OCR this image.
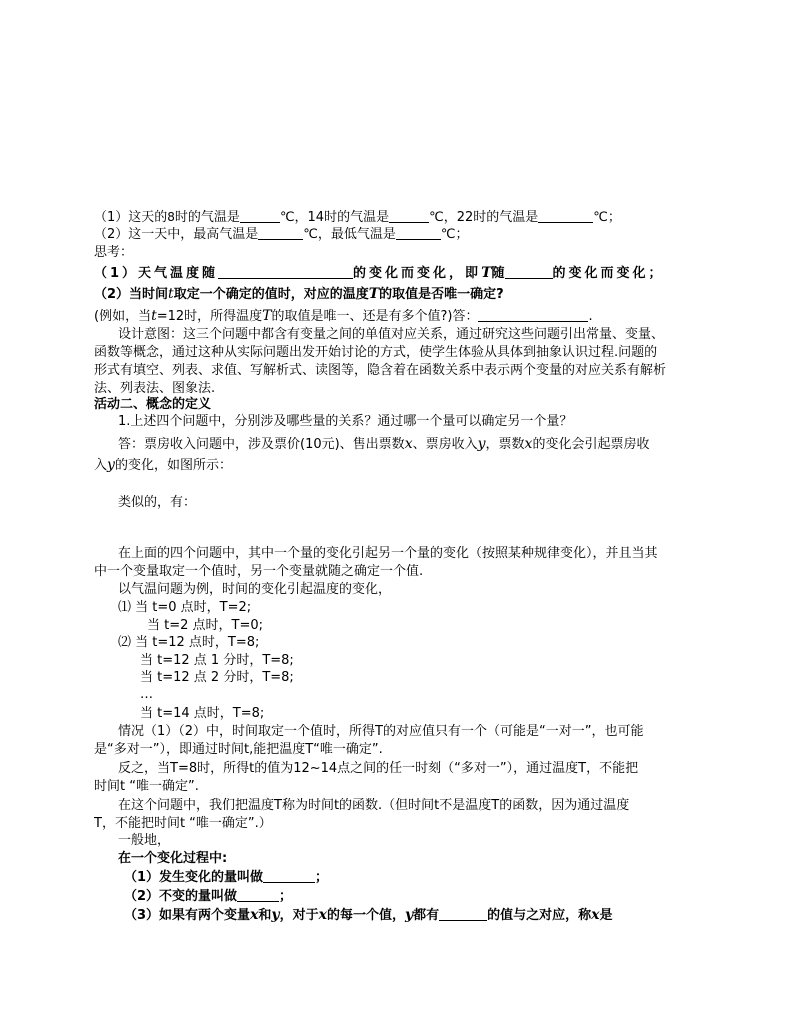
（1）这天的8时的气温是	℃，14时的气温是	℃，22时的气温是	℃；
（2）这一天中，最高气温是	℃，最低气温是	℃；
思考：
（1）天气温度随	的变化而变化，即T随	的变化而变化；
（2）当时间t取定一个确定的值时，对应的温度T的取值是否唯一确定?
(例如，当t=12时，所得温度T的取值是唯一、还是有多个值?)答：	.
设计意图：这三个问题中都含有变量之间的单值对应关系，通过研究这些问题引出常量、变量、
函数等概念，通过这种从实际问题出发开始讨论的方式，使学生体验从具体到抽象认识过程.问题的
形式有填空、列表、求值、写解析式、读图等，隐含着在函数关系中表示两个变量的对应关系有解析
法、列表法、图象法.
活动二、概念的定义
1.上述四个问题中，分别涉及哪些量的关系？通过哪一个量可以确定另一个量？
答：票房收入问题中，涉及票价(10元)、售出票数x、票房收入y，票数x的变化会引起票房收
入y的变化，如图所示：
类似的，有：
在上面的四个问题中，其中一个量的变化引起另一个量的变化（按照某种规律变化），并且当其
中一个变量取定一个值时，另一个变量就随之确定一个值.
以气温问题为例，时间的变化引起温度的变化，
⑴ 当 t=0 点时，T=2;
当 t=2 点时，T=0;
⑵ 当 t=12 点时，T=8;
当 t=12 点 1 分时，T=8;
当 t=12 点 2 分时，T=8;
…
当 t=14 点时，T=8;
情况（1）（2）中，时间取定一个值时，所得T的对应值只有一个（可能是“一对一”，也可能
是“多对一”），即通过时间t,能把温度T“唯一确定”.
反之，当T=8时，所得t的值为12~14点之间的任一时刻（“多对一”），通过温度T，不能把
时间t “唯一确定”.
在这个问题中，我们把温度T称为时间t的函数.（但时间t不是温度T的函数，因为通过温度
T，不能把时间t “唯一确定”.）
一般地，
在一个变化过程中:
（1）发生变化的量叫做	；
（2）不变的量叫做	；
（3）如果有两个变量x和y，对于x的每一个值，y都有	的值与之对应，称x是
